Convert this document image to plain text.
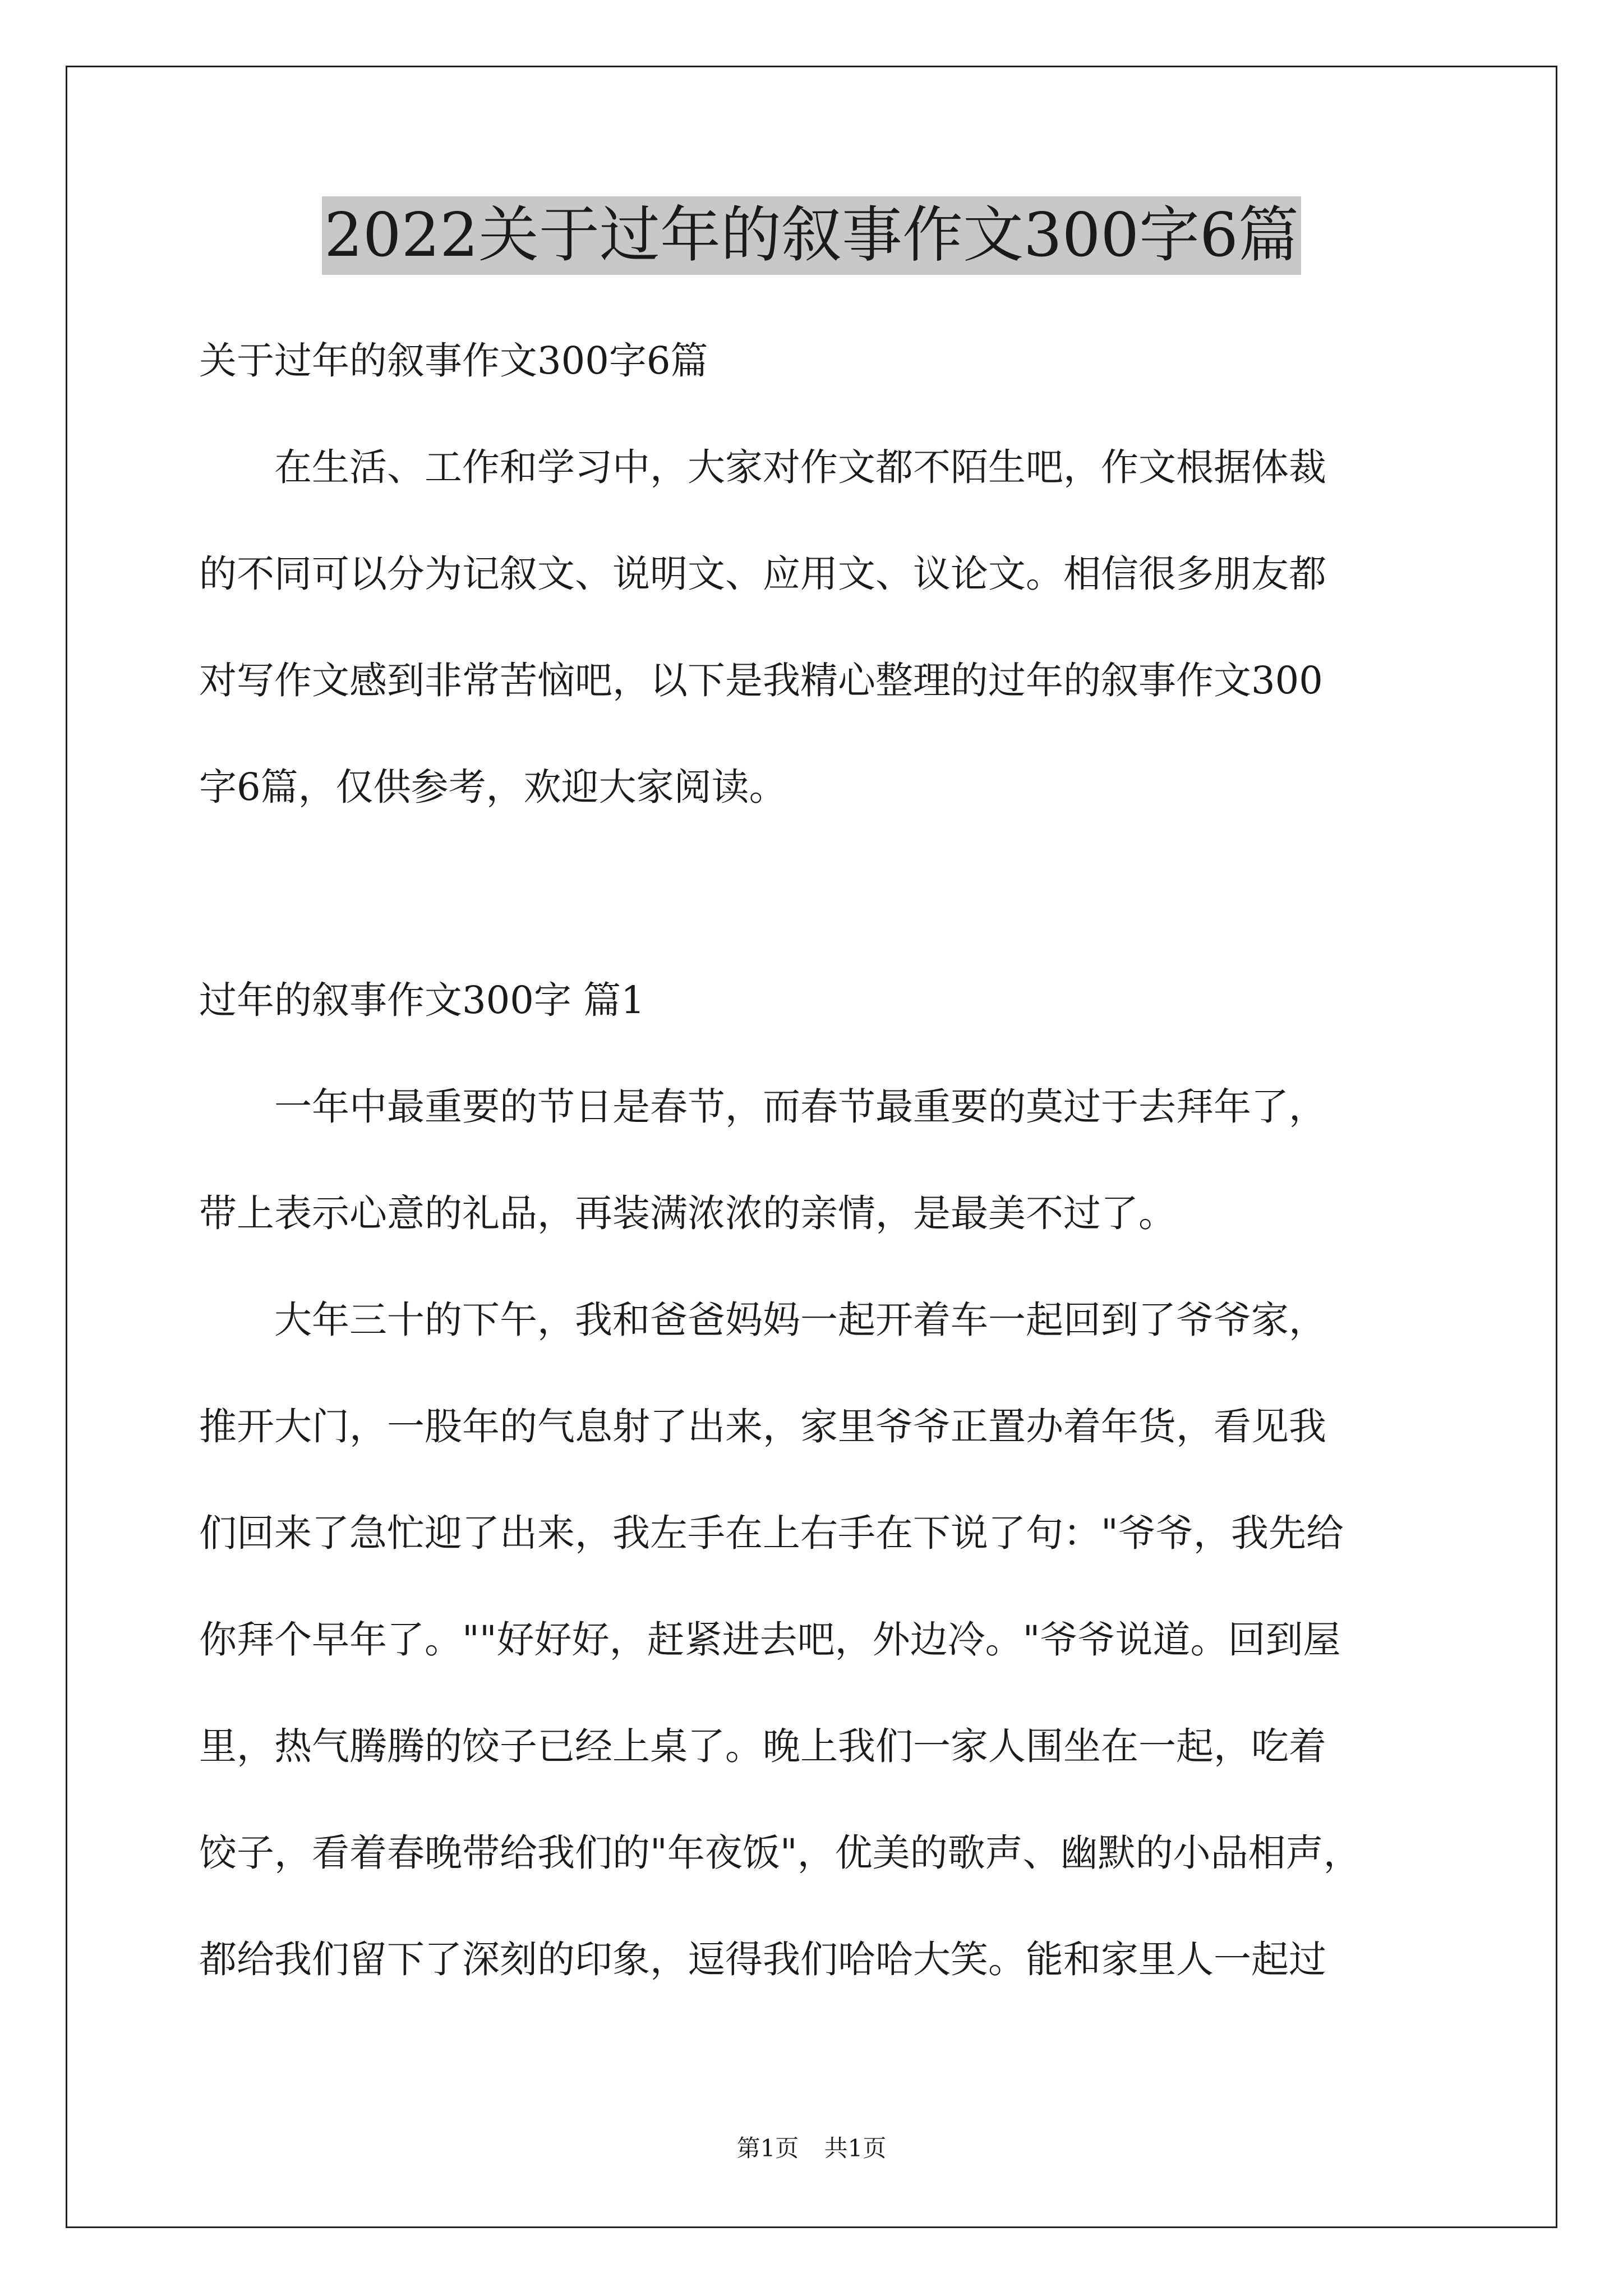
2022关于过年的叙事作文300字6篇

关于过年的叙事作文300字6篇

　　在生活、工作和学习中，大家对作文都不陌生吧，作文根据体裁

的不同可以分为记叙文、说明文、应用文、议论文。相信很多朋友都

对写作文感到非常苦恼吧，以下是我精心整理的过年的叙事作文300

字6篇，仅供参考，欢迎大家阅读。

过年的叙事作文300字 篇1

　　一年中最重要的节日是春节，而春节最重要的莫过于去拜年了，

带上表示心意的礼品，再装满浓浓的亲情，是最美不过了。

　　大年三十的下午，我和爸爸妈妈一起开着车一起回到了爷爷家，

推开大门，一股年的气息射了出来，家里爷爷正置办着年货，看见我

们回来了急忙迎了出来，我左手在上右手在下说了句："爷爷，我先给

你拜个早年了。""好好好，赶紧进去吧，外边冷。"爷爷说道。回到屋

里，热气腾腾的饺子已经上桌了。晚上我们一家人围坐在一起，吃着

饺子，看着春晚带给我们的"年夜饭"，优美的歌声、幽默的小品相声，

都给我们留下了深刻的印象，逗得我们哈哈大笑。能和家里人一起过

第1页 共1页
